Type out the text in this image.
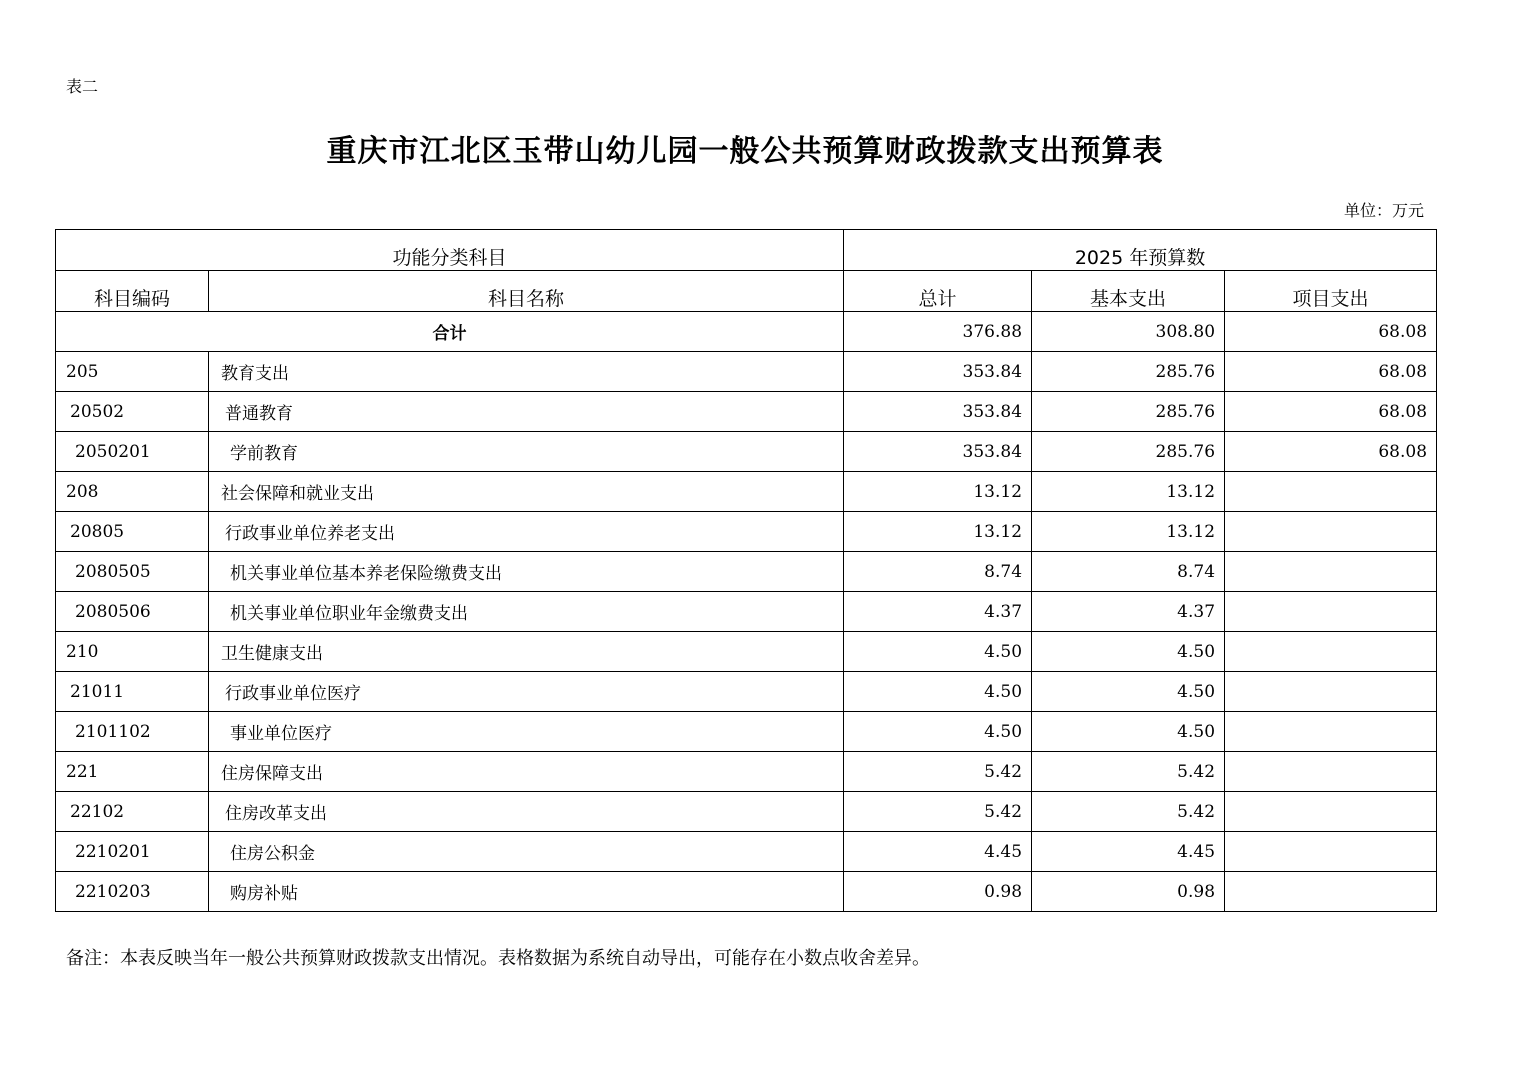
表二
重庆市江北区玉带山幼儿园一般公共预算财政拨款支出预算表
单位：万元
功能分类科目		2025 年预算数		
科目编码	科目名称	总计	基本支出	项目支出
合计		376.88	308.80	68.08
205	教育支出	353.84	285.76	68.08
20502	普通教育	353.84	285.76	68.08
2050201	学前教育	353.84	285.76	68.08
208	社会保障和就业支出	13.12	13.12	
20805	行政事业单位养老支出	13.12	13.12	
2080505	机关事业单位基本养老保险缴费支出	8.74	8.74	
2080506	机关事业单位职业年金缴费支出	4.37	4.37	
210	卫生健康支出	4.50	4.50	
21011	行政事业单位医疗	4.50	4.50	
2101102	事业单位医疗	4.50	4.50	
221	住房保障支出	5.42	5.42	
22102	住房改革支出	5.42	5.42	
2210201	住房公积金	4.45	4.45	
2210203	购房补贴	0.98	0.98	
备注：本表反映当年一般公共预算财政拨款支出情况。表格数据为系统自动导出，可能存在小数点收舍差异。
